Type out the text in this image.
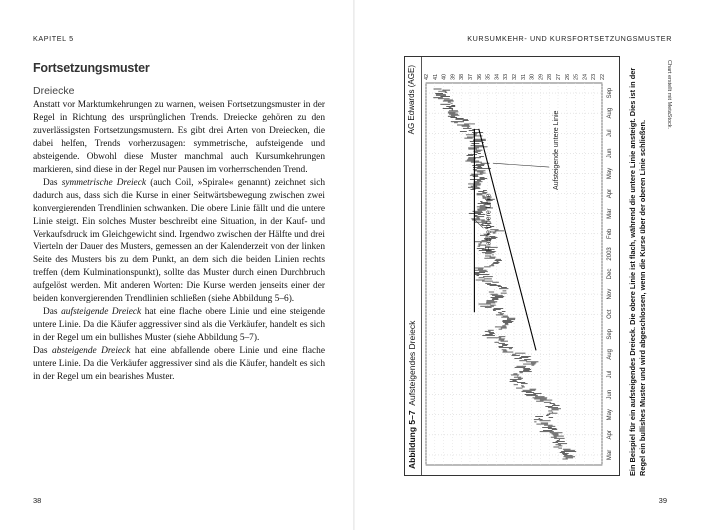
KAPITEL 5
Fortsetzungsmuster
Dreiecke

Anstatt vor Marktumkehrungen zu warnen, weisen Fortsetzungsmuster in der Regel in Richtung des ursprünglichen Trends. Dreiecke gehören zu den zuverlässigsten Fortsetzungsmustern. Es gibt drei Arten von Dreiecken, die dabei helfen, Trends vorherzusagen: symmetrische, aufsteigende und absteigende. Obwohl diese Muster manchmal auch Kursumkehrungen markieren, sind diese in der Regel nur Pausen im vorherrschenden Trend.

Das symmetrische Dreieck (auch Coil, »Spirale« genannt) zeichnet sich dadurch aus, dass sich die Kurse in einer Seitwärtsbewegung zwischen zwei konvergierenden Trendlinien schwanken. Die obere Linie fällt und die untere Linie steigt. Ein solches Muster beschreibt eine Situation, in der Kauf- und Verkaufsdruck im Gleichgewicht sind. Irgendwo zwischen der Hälfte und drei Vierteln der Dauer des Musters, gemessen an der Kalenderzeit von der linken Seite des Musters bis zu dem Punkt, an dem sich die beiden Linien rechts treffen (dem Kulminationspunkt), sollte das Muster durch einen Durchbruch aufgelöst werden. Mit anderen Worten: Die Kurse werden jenseits einer der beiden konvergierenden Trendlinien schließen (siehe Abbildung 5–6).

Das aufsteigende Dreieck hat eine flache obere Linie und eine steigende untere Linie. Da die Käufer aggressiver sind als die Verkäufer, handelt es sich in der Regel um ein bullishes Muster (siehe Abbildung 5–7).

Das absteigende Dreieck hat eine abfallende obere Linie und eine flache untere Linie. Da die Verkäufer aggressiver sind als die Käufer, handelt es sich in der Regel um ein bearishes Muster.

38
KURSUMKEHR- UND KURSFORTSETZUNGSMUSTER
39
Abbildung 5–7  Aufsteigendes Dreieck
AG Edwards (AGE)
Mar
Apr
May
Jun
Jul
Aug
Sep
Oct
Nov
Dec
2003
Feb
Mar
Apr
May
Jun
Jul
Aug
Sep
42 41 40 39 38 37 36 35 34 33 32 31 30 29 28 27 26 25 24 23 22
Flache obere Linie
Aufsteigende untere Linie	Ein Beispiel für ein aufsteigendes Dreieck. Die obere Linie ist flach, während die untere Linie ansteigt. Dies ist in der Regel ein bullishes Muster und wird abgeschlossen, wenn die Kurse über der oberen Linie schließen.
Chart erstellt mit MetaStock.
